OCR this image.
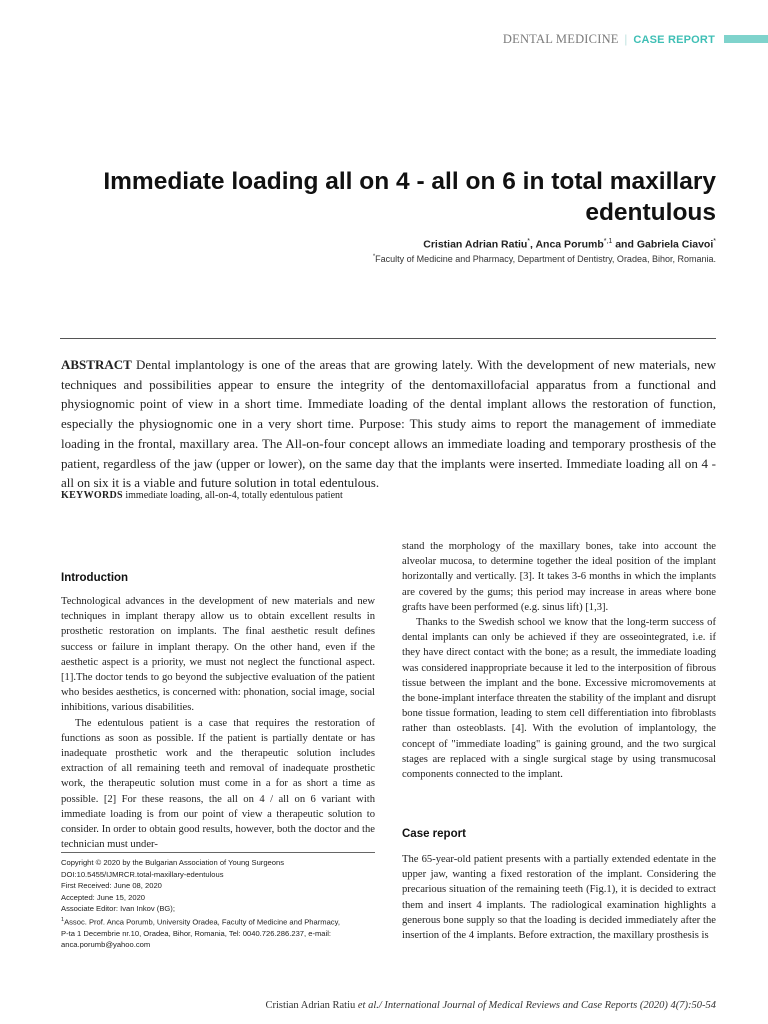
DENTAL MEDICINE | CASE REPORT
Immediate loading all on 4 - all on 6 in total maxillary
edentulous
Cristian Adrian Ratiu*, Anca Porumb$^{*,1}$ and Gabriela Ciavoi*
*Faculty of Medicine and Pharmacy, Department of Dentistry, Oradea, Bihor, Romania.
ABSTRACT Dental implantology is one of the areas that are growing lately. With the development of new materials, new techniques and possibilities appear to ensure the integrity of the dentomaxillofacial apparatus from a functional and physiognomic point of view in a short time. Immediate loading of the dental implant allows the restoration of function, especially the physiognomic one in a very short time. Purpose: This study aims to report the management of immediate loading in the frontal, maxillary area. The All-on-four concept allows an immediate loading and temporary prosthesis of the patient, regardless of the jaw (upper or lower), on the same day that the implants were inserted. Immediate loading all on 4 - all on six it is a viable and future solution in total edentulous.
KEYWORDS immediate loading, all-on-4, totally edentulous patient
Introduction

Technological advances in the development of new materials and new techniques in implant therapy allow us to obtain excellent results in prosthetic restoration on implants. The final aesthetic result defines success or failure in implant therapy. On the other hand, even if the aesthetic aspect is a priority, we must not neglect the functional aspect. [1].The doctor tends to go beyond the subjective evaluation of the patient who besides aesthetics, is concerned with: phonation, social image, social inhibitions, various disabilities.

The edentulous patient is a case that requires the restoration of functions as soon as possible. If the patient is partially dentate or has inadequate prosthetic work and the therapeutic solution includes extraction of all remaining teeth and removal of inadequate prosthetic work, the therapeutic solution must come in a for as short a time as possible. [2] For these reasons, the all on 4 / all on 6 variant with immediate loading is from our point of view a therapeutic solution to consider. In order to obtain good results, however, both the doctor and the technician must under-

Copyright © 2020 by the Bulgarian Association of Young Surgeons
DOI:10.5455/IJMRCR.total-maxillary-edentulous
First Received: June 08, 2020
Accepted: June 15, 2020
Associate Editor: Ivan Inkov (BG);
$^1$Assoc. Prof. Anca Porumb, University Oradea, Faculty of Medicine and Pharmacy,
P-ta 1 Decembrie nr.10, Oradea, Bihor, Romania, Tel: 0040.726.286.237, e-mail:
anca.porumb@yahoo.com

stand the morphology of the maxillary bones, take into account the alveolar mucosa, to determine together the ideal position of the implant horizontally and vertically. [3]. It takes 3-6 months in which the implants are covered by the gums; this period may increase in areas where bone grafts have been performed (e.g. sinus lift) [1,3].

Thanks to the Swedish school we know that the long-term success of dental implants can only be achieved if they are osseointegrated, i.e. if they have direct contact with the bone; as a result, the immediate loading was considered inappropriate because it led to the interposition of fibrous tissue between the implant and the bone. Excessive micromovements at the bone-implant interface threaten the stability of the implant and disrupt bone tissue formation, leading to stem cell differentiation into fibroblasts rather than osteoblasts. [4]. With the evolution of implantology, the concept of "immediate loading" is gaining ground, and the two surgical stages are replaced with a single surgical stage by using transmucosal components connected to the implant.

Case report

The 65-year-old patient presents with a partially extended edentate in the upper jaw, wanting a fixed restoration of the implant. Considering the precarious situation of the remaining teeth (Fig.1), it is decided to extract them and insert 4 implants. The radiological examination highlights a generous bone supply so that the loading is decided immediately after the insertion of the 4 implants. Before extraction, the maxillary prosthesis is

Cristian Adrian Ratiu et al./ International Journal of Medical Reviews and Case Reports (2020) 4(7):50-54
